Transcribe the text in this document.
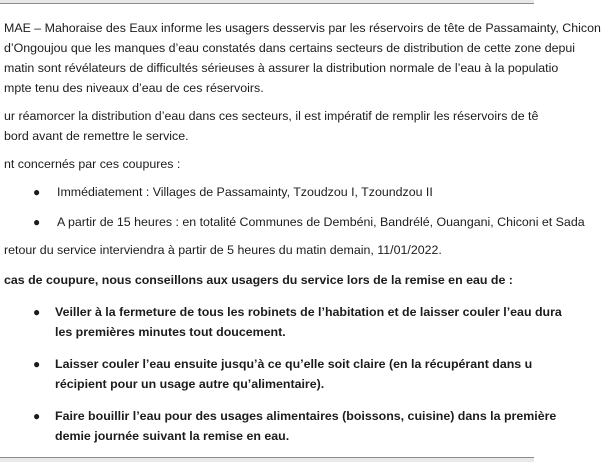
MAE – Mahoraise des Eaux informe les usagers desservis par les réservoirs de tête de Passamainty, Chicon
d’Ongoujou que les manques d’eau constatés dans certains secteurs de distribution de cette zone depui
matin sont révélateurs de difficultés sérieuses à assurer la distribution normale de l’eau à la populatio
mpte tenu des niveaux d’eau de ces réservoirs.
ur réamorcer la distribution d’eau dans ces secteurs, il est impératif de remplir les réservoirs de tê
bord avant de remettre le service.
nt concernés par ces coupures :
● Immédiatement : Villages de Passamainty, Tzoudzou I, Tzoundzou II
● A partir de 15 heures : en totalité Communes de Dembéni, Bandrélé, Ouangani, Chiconi et Sada
retour du service interviendra à partir de 5 heures du matin demain, 11/01/2022.
cas de coupure, nous conseillons aux usagers du service lors de la remise en eau de :
● Veiller à la fermeture de tous les robinets de l’habitation et de laisser couler l’eau dura
les premières minutes tout doucement.
● Laisser couler l’eau ensuite jusqu’à ce qu’elle soit claire (en la récupérant dans u
récipient pour un usage autre qu’alimentaire).
● Faire bouillir l’eau pour des usages alimentaires (boissons, cuisine) dans la première
demie journée suivant la remise en eau.
